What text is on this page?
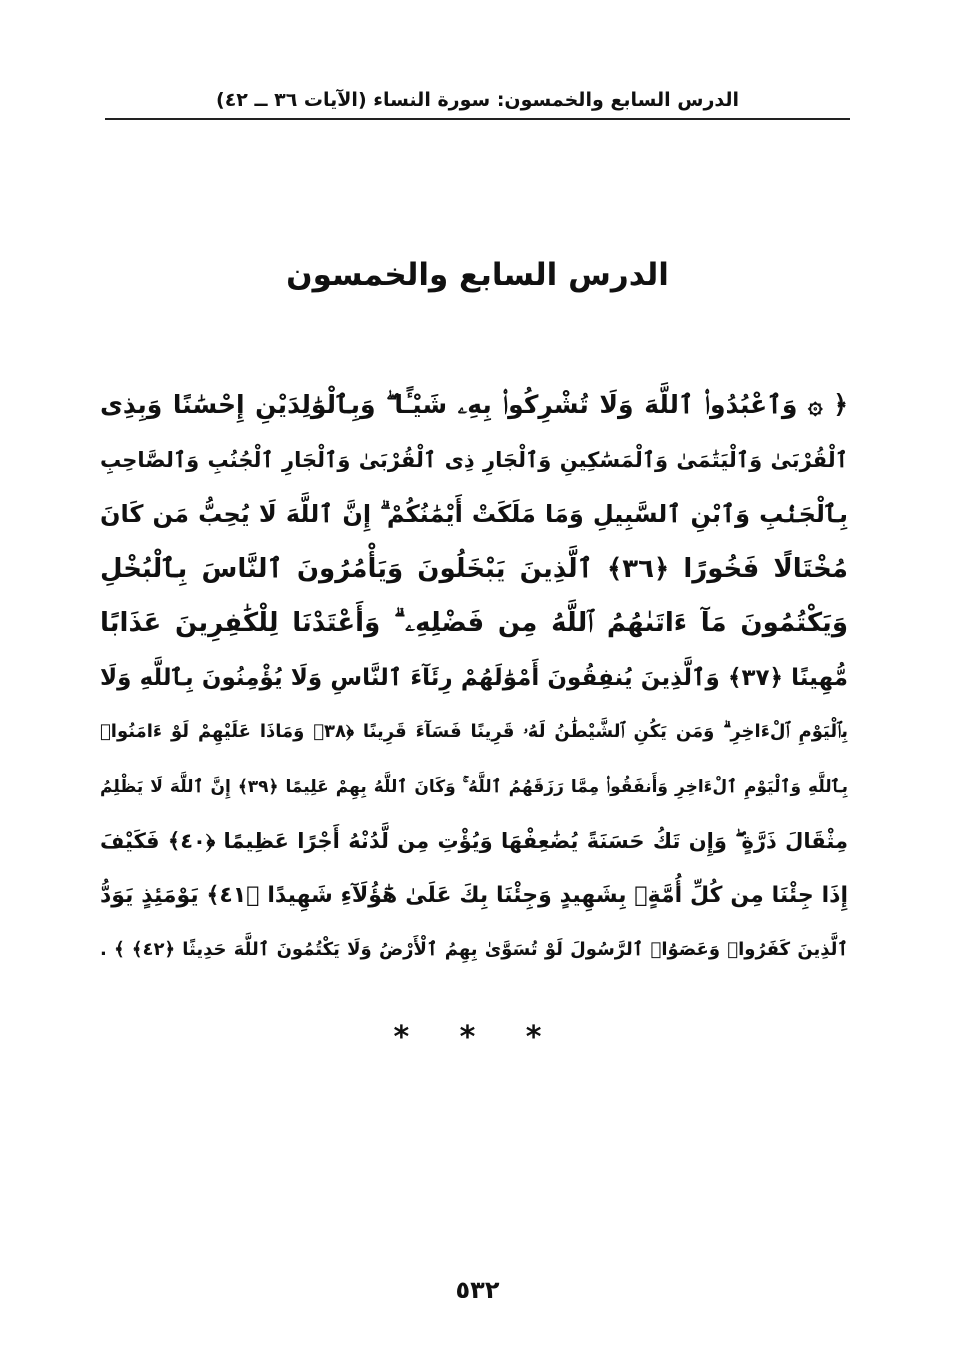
الدرس السابع والخمسون: سورة النساء (الآيات ٣٦ ــ ٤٢)
الدرس السابع والخمسون
﴿ ۞ وَٱعْبُدُوا۟ ٱللَّهَ وَلَا تُشْرِكُوا۟ بِهِۦ شَيْـًٔا ۖ وَبِٱلْوَٰلِدَيْنِ إِحْسَٰنًا وَبِذِى
ٱلْقُرْبَىٰ وَٱلْيَتَٰمَىٰ وَٱلْمَسَٰكِينِ وَٱلْجَارِ ذِى ٱلْقُرْبَىٰ وَٱلْجَارِ ٱلْجُنُبِ وَٱلصَّاحِبِ
بِٱلْجَنۢبِ وَٱبْنِ ٱلسَّبِيلِ وَمَا مَلَكَتْ أَيْمَٰنُكُمْ ۗ إِنَّ ٱللَّهَ لَا يُحِبُّ مَن كَانَ
مُخْتَالًا فَخُورًا ﴿٣٦﴾ ٱلَّذِينَ يَبْخَلُونَ وَيَأْمُرُونَ ٱلنَّاسَ بِٱلْبُخْلِ
وَيَكْتُمُونَ مَآ ءَاتَىٰهُمُ ٱللَّهُ مِن فَضْلِهِۦ ۗ وَأَعْتَدْنَا لِلْكَٰفِرِينَ عَذَابًا
مُّهِينًا ﴿٣٧﴾ وَٱلَّذِينَ يُنفِقُونَ أَمْوَٰلَهُمْ رِئَآءَ ٱلنَّاسِ وَلَا يُؤْمِنُونَ بِٱللَّهِ وَلَا
بِٱلْيَوْمِ ٱلْءَاخِرِ ۗ وَمَن يَكُنِ ٱلشَّيْطَٰنُ لَهُۥ قَرِينًا فَسَآءَ قَرِينًا ﴿٣٨﴾ وَمَاذَا عَلَيْهِمْ لَوْ ءَامَنُوا۟
بِٱللَّهِ وَٱلْيَوْمِ ٱلْءَاخِرِ وَأَنفَقُوا۟ مِمَّا رَزَقَهُمُ ٱللَّهُ ۚ وَكَانَ ٱللَّهُ بِهِمْ عَلِيمًا ﴿٣٩﴾ إِنَّ ٱللَّهَ لَا يَظْلِمُ
مِثْقَالَ ذَرَّةٍ ۖ وَإِن تَكُ حَسَنَةً يُضَٰعِفْهَا وَيُؤْتِ مِن لَّدُنْهُ أَجْرًا عَظِيمًا ﴿٤٠﴾ فَكَيْفَ
إِذَا جِئْنَا مِن كُلِّ أُمَّةٍۭ بِشَهِيدٍ وَجِئْنَا بِكَ عَلَىٰ هَٰٓؤُلَآءِ شَهِيدًا ﴿٤١﴾ يَوْمَئِذٍ يَوَدُّ
ٱلَّذِينَ كَفَرُوا۟ وَعَصَوُا۟ ٱلرَّسُولَ لَوْ تُسَوَّىٰ بِهِمُ ٱلْأَرْضُ وَلَا يَكْتُمُونَ ٱللَّهَ حَدِيثًا ﴿٤٢﴾ ﴾ .
* * *
٥٣٢
